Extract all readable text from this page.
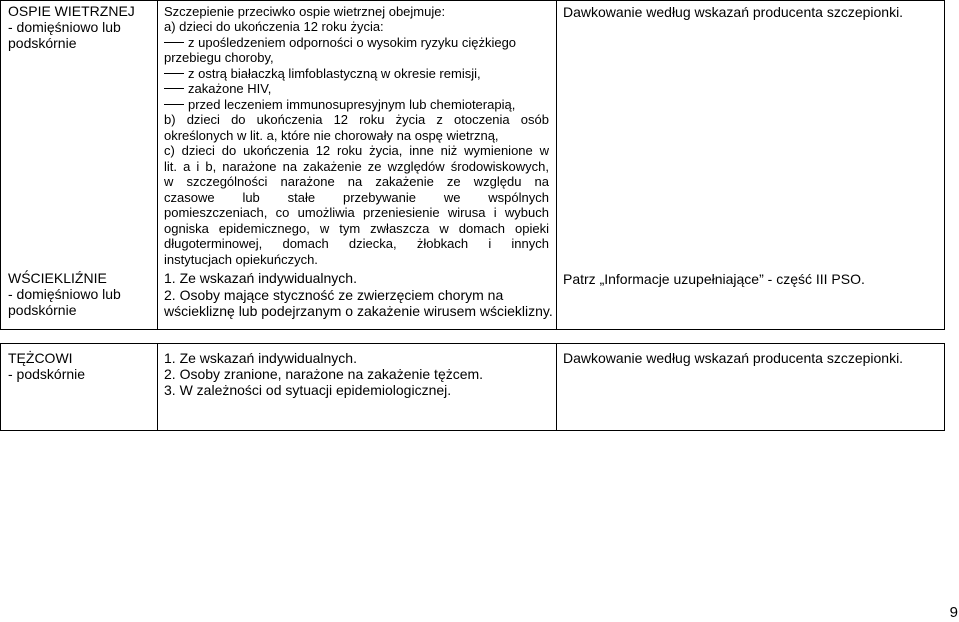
OSPIE WIETRZNEJ
- domięśniowo lub podskórnie
Szczepienie przeciwko ospie wietrznej obejmuje:
a) dzieci do ukończenia 12 roku życia:
z upośledzeniem odporności o wysokim ryzyku ciężkiego
przebiegu choroby,
z ostrą białaczką limfoblastyczną w okresie remisji,
zakażone HIV,
przed leczeniem immunosupresyjnym lub chemioterapią,
b) dzieci do ukończenia 12 roku życia z otoczenia osób
określonych w lit. a, które nie chorowały na ospę wietrzną,
c) dzieci do ukończenia 12 roku życia, inne niż wymienione w
lit. a i b, narażone na zakażenie ze względów środowiskowych,
w szczególności narażone na zakażenie ze względu na
czasowe lub stałe przebywanie we wspólnych
pomieszczeniach, co umożliwia przeniesienie wirusa i wybuch
ogniska epidemicznego, w tym zwłaszcza w domach opieki
długoterminowej, domach dziecka, żłobkach i innych
instytucjach opiekuńczych.
Dawkowanie według wskazań producenta szczepionki.
WŚCIEKLIŹNIE
- domięśniowo lub podskórnie
1. Ze wskazań indywidualnych.
2. Osoby mające styczność ze zwierzęciem chorym na
wściekliznę lub podejrzanym o zakażenie wirusem wścieklizny.
Patrz „Informacje uzupełniające” - część III PSO.
TĘŻCOWI
- podskórnie
1. Ze wskazań indywidualnych.
2. Osoby zranione, narażone na zakażenie tężcem.
3. W zależności od sytuacji epidemiologicznej.
Dawkowanie według wskazań producenta szczepionki.
9
